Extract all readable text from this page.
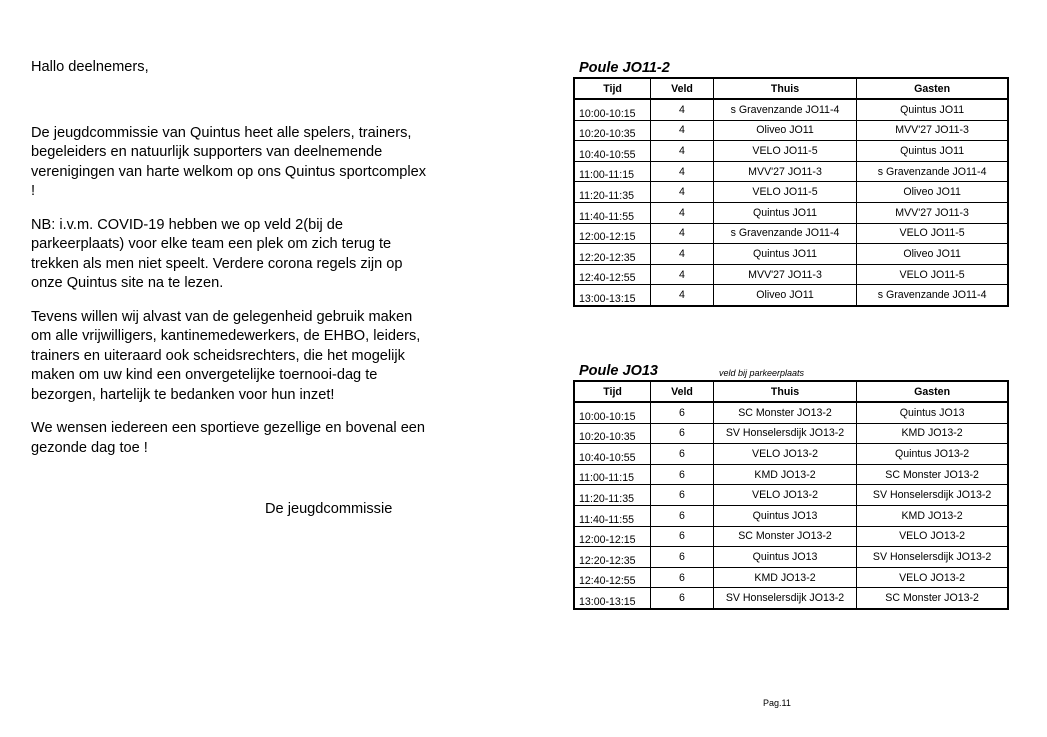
Hallo deelnemers,

De jeugdcommissie van Quintus heet alle spelers, trainers, begeleiders en natuurlijk supporters van deelnemende verenigingen van harte welkom op ons Quintus sportcomplex !

NB: i.v.m. COVID-19 hebben we op veld 2(bij de parkeerplaats) voor elke team een plek om zich terug te trekken als men niet speelt. Verdere corona regels zijn op onze Quintus site na te lezen.

Tevens willen wij alvast van de gelegenheid gebruik maken om alle vrijwilligers, kantinemedewerkers, de EHBO, leiders, trainers en uiteraard ook scheidsrechters, die het mogelijk maken om uw kind een onvergetelijke toernooi-dag te bezorgen, hartelijk te bedanken voor hun inzet!

We wensen iedereen een sportieve gezellige en bovenal een gezonde dag toe !

De jeugdcommissie
Poule JO11-2
Tijd	Veld	Thuis	Gasten
10:00-10:15	4	s Gravenzande JO11-4	Quintus JO11
10:20-10:35	4	Oliveo JO11	MVV'27 JO11-3
10:40-10:55	4	VELO JO11-5	Quintus JO11
11:00-11:15	4	MVV'27 JO11-3	s Gravenzande JO11-4
11:20-11:35	4	VELO JO11-5	Oliveo JO11
11:40-11:55	4	Quintus JO11	MVV'27 JO11-3
12:00-12:15	4	s Gravenzande JO11-4	VELO JO11-5
12:20-12:35	4	Quintus JO11	Oliveo JO11
12:40-12:55	4	MVV'27 JO11-3	VELO JO11-5
13:00-13:15	4	Oliveo JO11	s Gravenzande JO11-4
Poule JO13	veld bij parkeerplaats
Tijd	Veld	Thuis	Gasten
10:00-10:15	6	SC Monster JO13-2	Quintus JO13
10:20-10:35	6	SV Honselersdijk JO13-2	KMD JO13-2
10:40-10:55	6	VELO JO13-2	Quintus JO13-2
11:00-11:15	6	KMD JO13-2	SC Monster JO13-2
11:20-11:35	6	VELO JO13-2	SV Honselersdijk JO13-2
11:40-11:55	6	Quintus JO13	KMD JO13-2
12:00-12:15	6	SC Monster JO13-2	VELO JO13-2
12:20-12:35	6	Quintus JO13	SV Honselersdijk JO13-2
12:40-12:55	6	KMD JO13-2	VELO JO13-2
13:00-13:15	6	SV Honselersdijk JO13-2	SC Monster JO13-2
Pag.11
